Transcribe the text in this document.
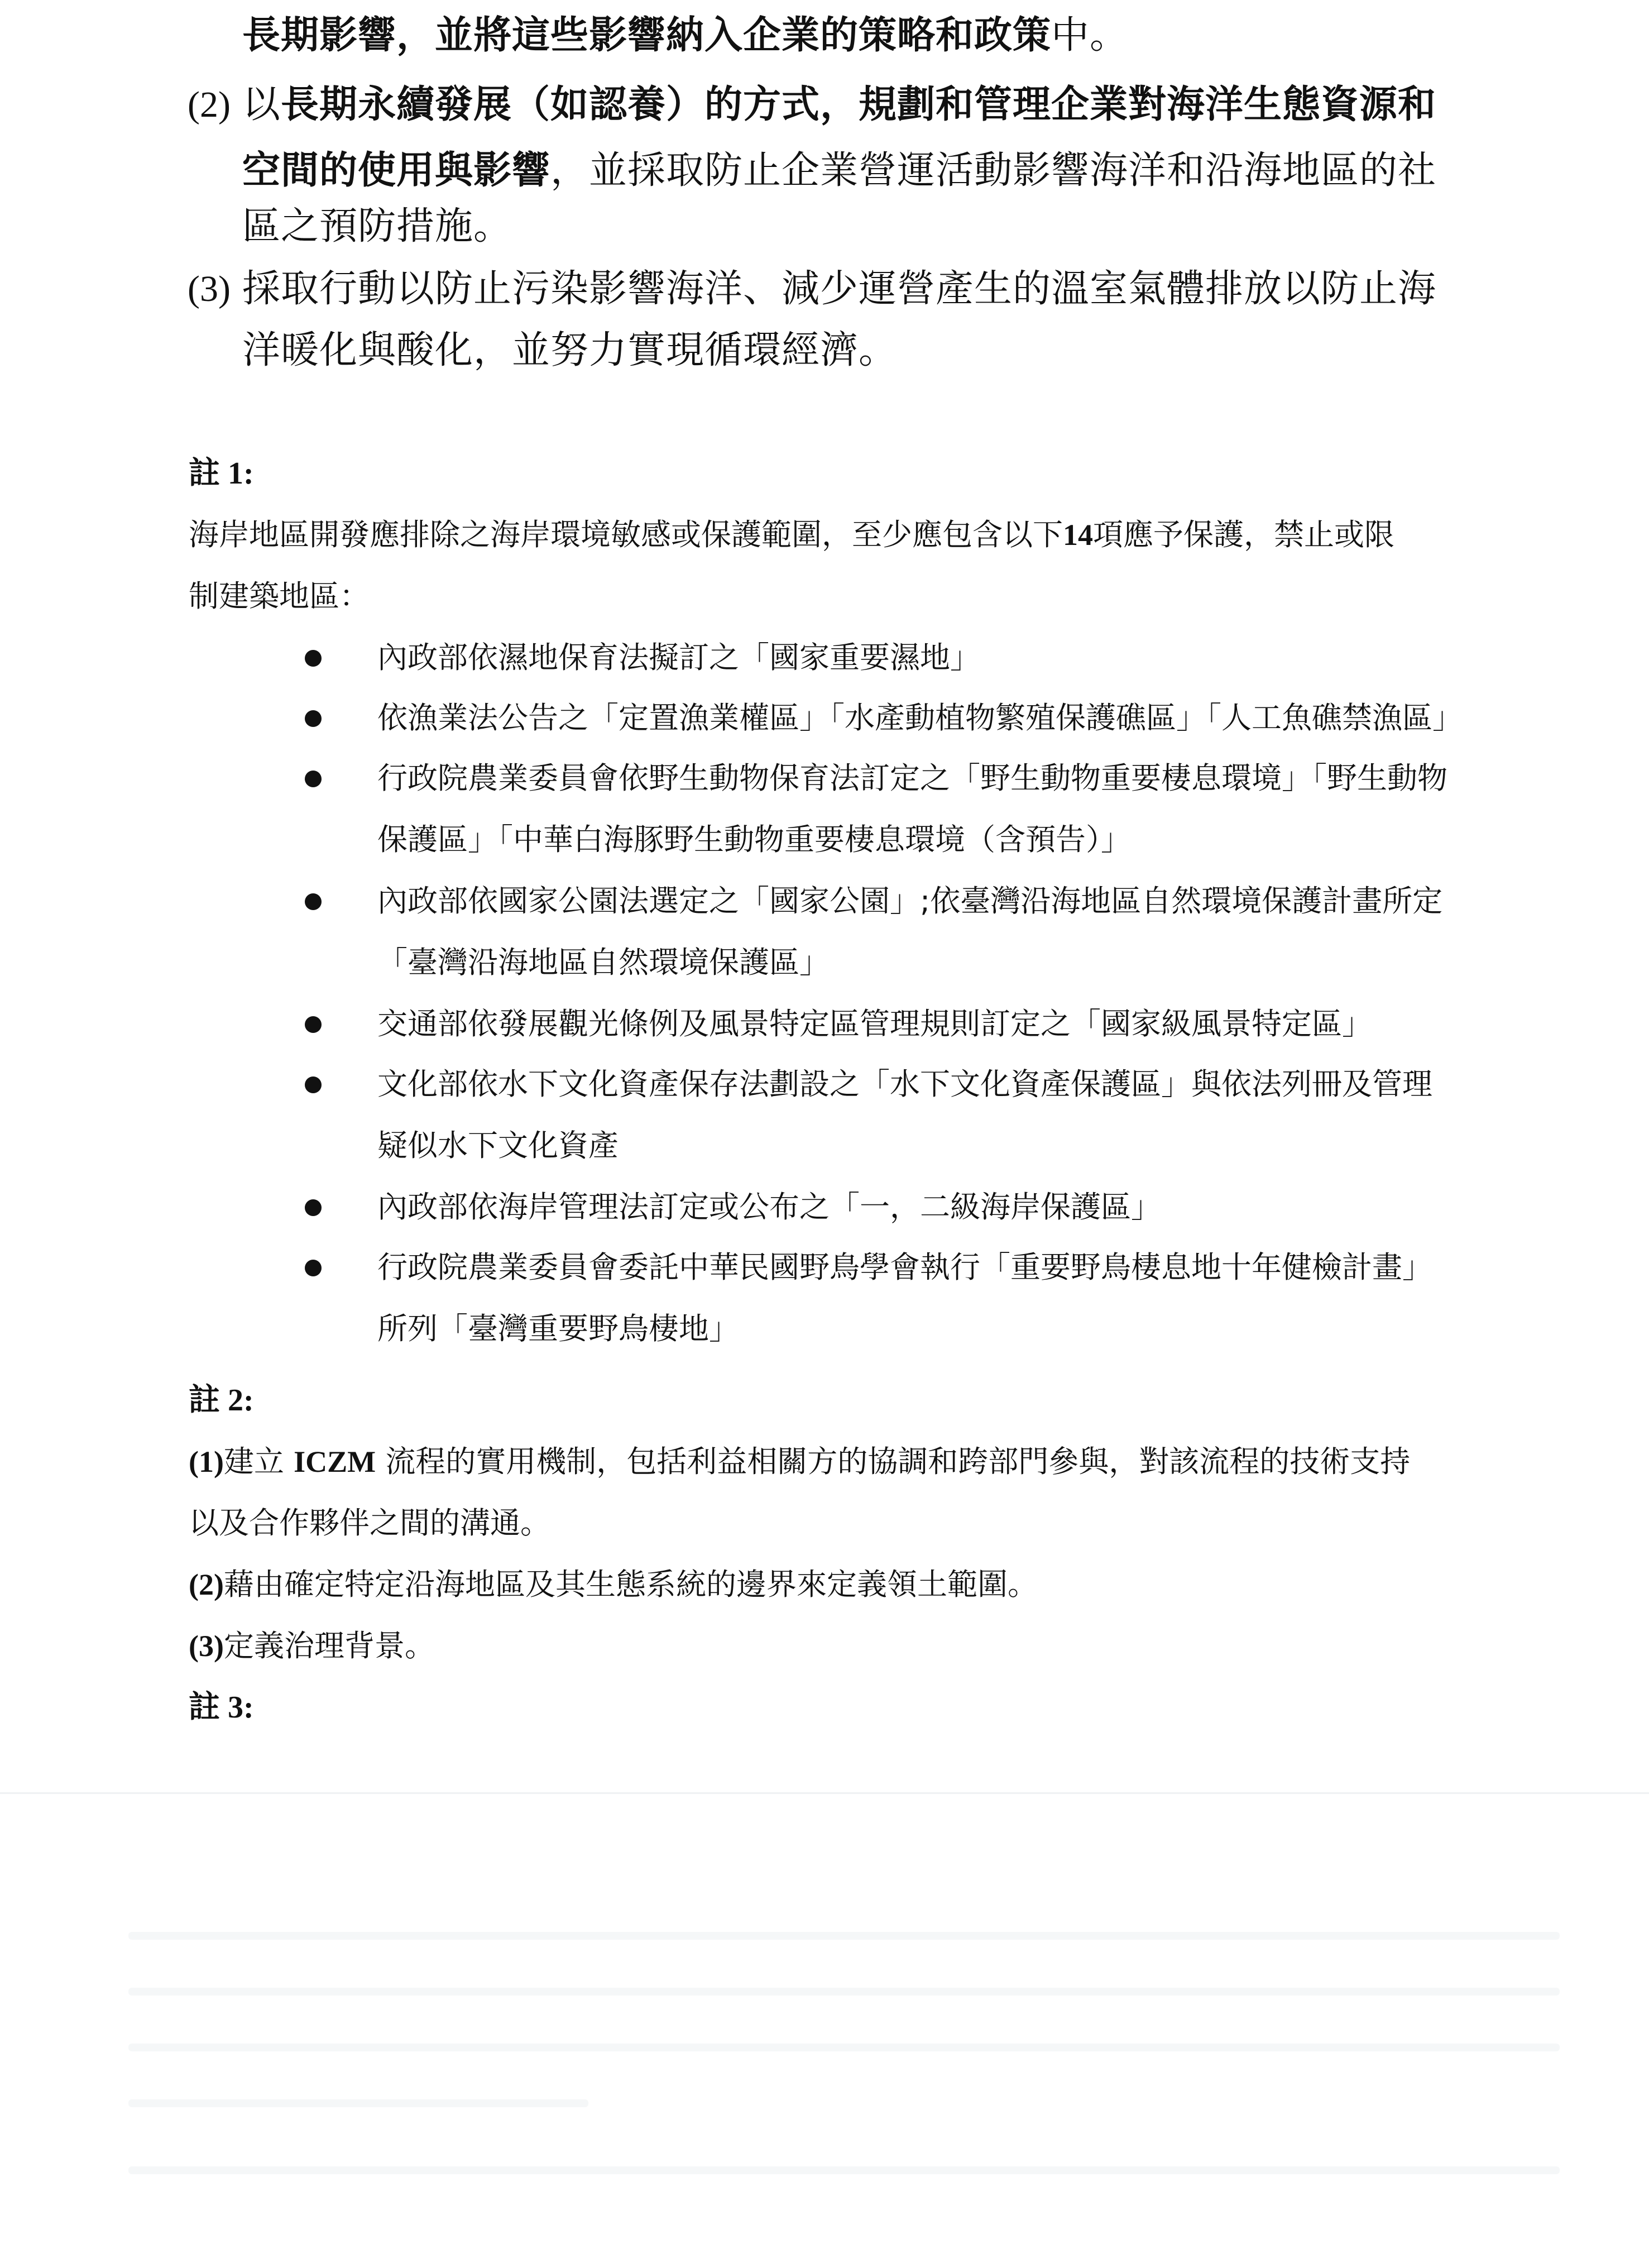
長期影響，並將這些影響納入企業的策略和政策中。
(2) 以長期永續發展（如認養）的方式，規劃和管理企業對海洋生態資源和
空間的使用與影響，並採取防止企業營運活動影響海洋和沿海地區的社
區之預防措施。
(3) 採取行動以防止污染影響海洋、減少運營產生的溫室氣體排放以防止海
洋暖化與酸化，並努力實現循環經濟。
註 1:
海岸地區開發應排除之海岸環境敏感或保護範圍，至少應包含以下14項應予保護，禁止或限
制建築地區：
內政部依濕地保育法擬訂之「國家重要濕地」
依漁業法公告之「定置漁業權區」「水產動植物繁殖保護礁區」「人工魚礁禁漁區」
行政院農業委員會依野生動物保育法訂定之「野生動物重要棲息環境」「野生動物
保護區」「中華白海豚野生動物重要棲息環境（含預告）」
內政部依國家公園法選定之「國家公園」;依臺灣沿海地區自然環境保護計畫所定
「臺灣沿海地區自然環境保護區」
交通部依發展觀光條例及風景特定區管理規則訂定之「國家級風景特定區」
文化部依水下文化資產保存法劃設之「水下文化資產保護區」與依法列冊及管理
疑似水下文化資產
內政部依海岸管理法訂定或公布之「一，二級海岸保護區」
行政院農業委員會委託中華民國野鳥學會執行「重要野鳥棲息地十年健檢計畫」
所列「臺灣重要野鳥棲地」
註 2:
(1)建立 ICZM 流程的實用機制，包括利益相關方的協調和跨部門參與，對該流程的技術支持
以及合作夥伴之間的溝通。
(2)藉由確定特定沿海地區及其生態系統的邊界來定義領土範圍。
(3)定義治理背景。
註 3:
